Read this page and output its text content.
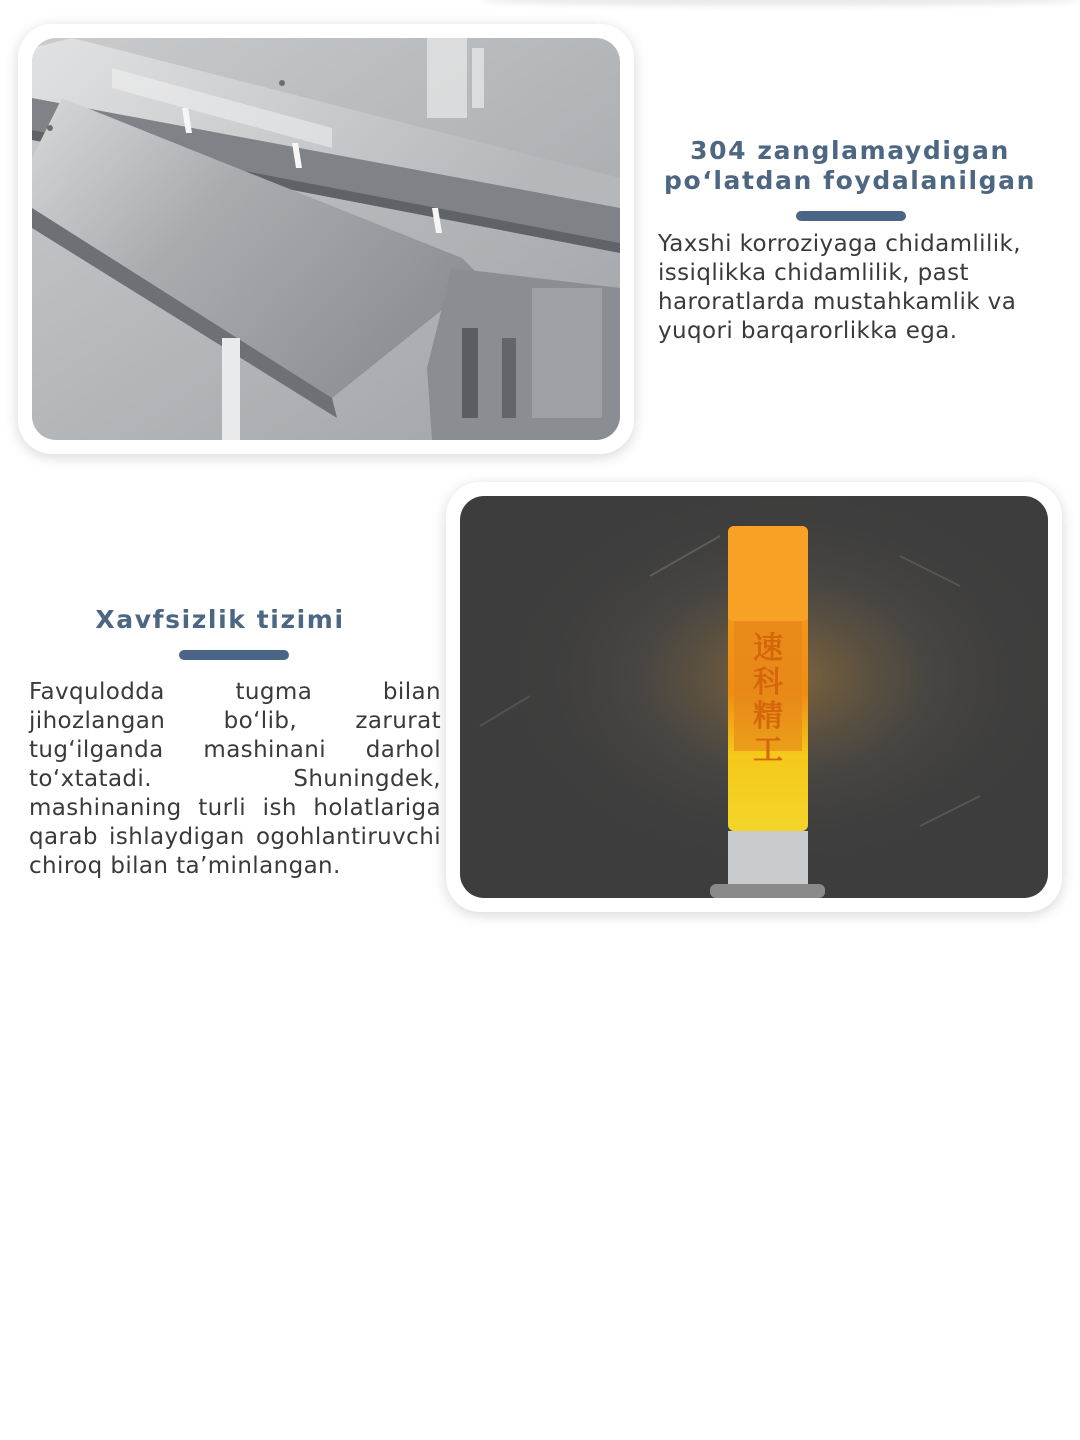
304 zanglamaydigan po‘latdan foydalanilgan

Yaxshi korroziyaga chidamlilik, issiqlikka chidamlilik, past haroratlarda mustahkamlik va yuqori barqarorlikka ega.

Xavfsizlik tizimi

Favqulodda tugma bilan jihozlangan bo‘lib, zarurat tug‘ilganda mashinani darhol to‘xtatadi. Shuningdek, mashinaning turli ish holatlariga qarab ishlaydigan ogohlantiruvchi chiroq bilan ta’minlangan.

速科精工
